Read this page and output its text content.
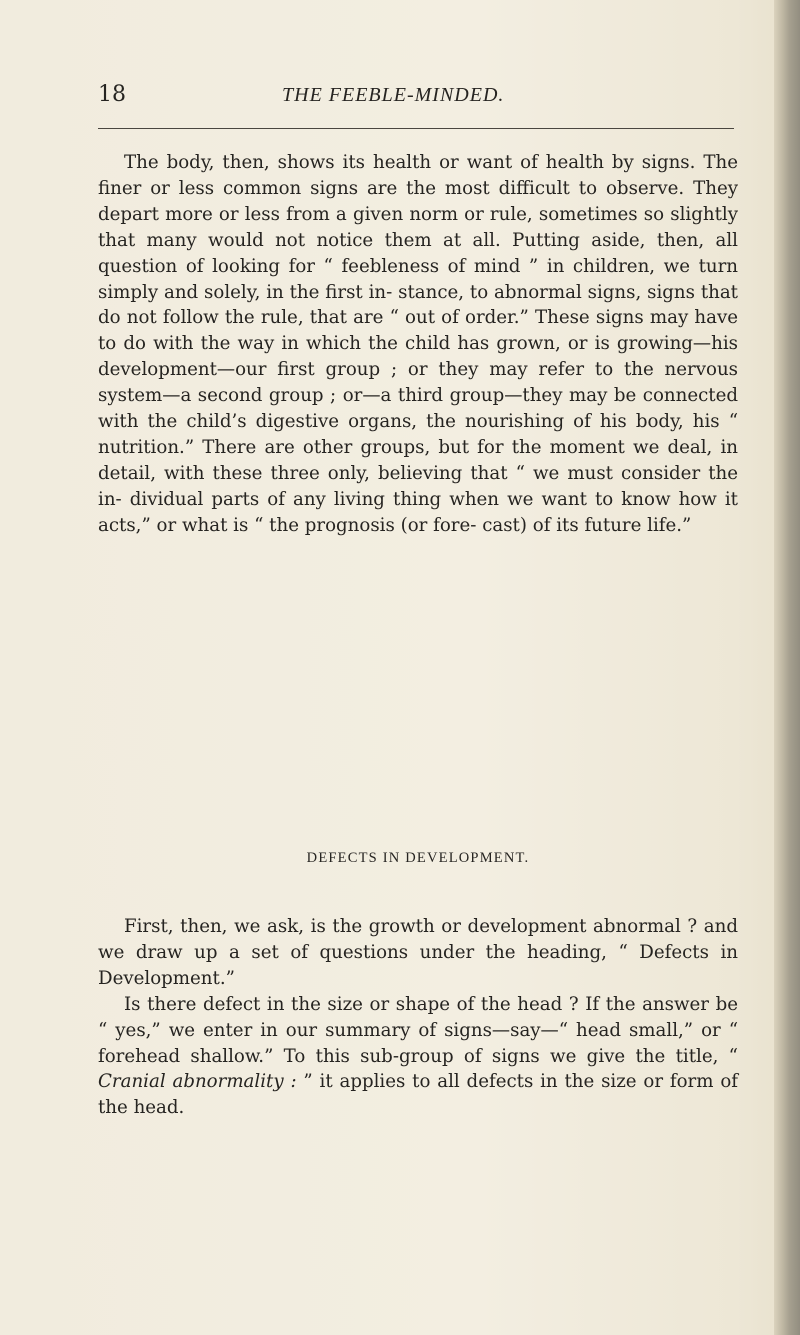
18	THE FEEBLE-MINDED.

The body, then, shows its health or want of health by signs. The finer or less common signs are the most difficult to observe. They depart more or less from a given norm or rule, sometimes so slightly that many would not notice them at all. Putting aside, then, all question of looking for “ feebleness of mind ” in children, we turn simply and solely, in the first in- stance, to abnormal signs, signs that do not follow the rule, that are “ out of order.” These signs may have to do with the way in which the child has grown, or is growing—his development—our first group ; or they may refer to the nervous system—a second group ; or—a third group—they may be connected with the child’s digestive organs, the nourishing of his body, his “ nutrition.” There are other groups, but for the moment we deal, in detail, with these three only, believing that “ we must consider the in- dividual parts of any living thing when we want to know how it acts,” or what is “ the prognosis (or fore- cast) of its future life.”

DEFECTS IN DEVELOPMENT.

First, then, we ask, is the growth or development abnormal ? and we draw up a set of questions under the heading, “ Defects in Development.”

Is there defect in the size or shape of the head ? If the answer be “ yes,” we enter in our summary of signs—say—“ head small,” or “ forehead shallow.” To this sub-group of signs we give the title, “ Cranial abnormality : ” it applies to all defects in the size or form of the head.
